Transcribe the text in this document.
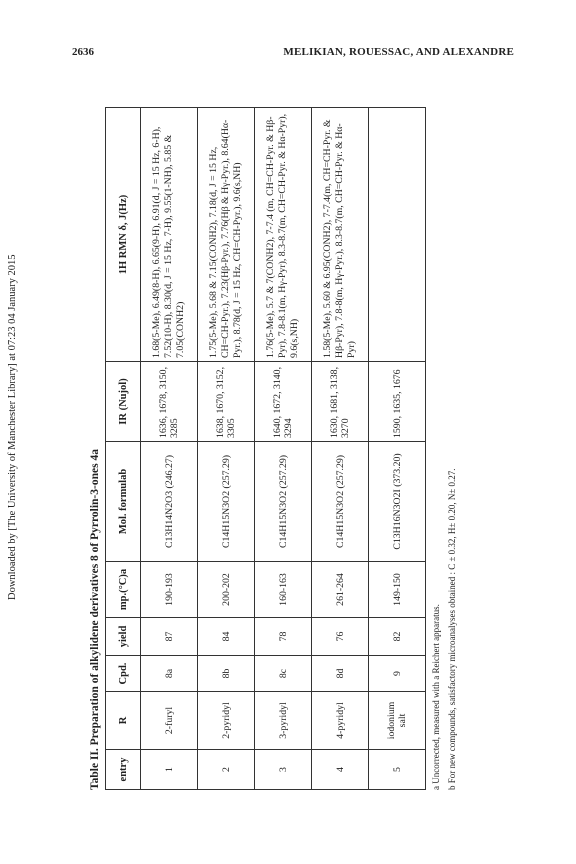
2636	MELIKIAN, ROUESSAC, AND ALEXANDRE
Downloaded by [The University of Manchester Library] at 07:23 04 January 2015
Table II. Preparation of alkylidene derivatives 8 of Pyrrolin-3-ones 4a	entry	R	Cpd.	yield	mp.(°C)a	Mol. formulab	IR (Nujol)	1H RMN δ, J(Hz)
1	2-furyl	8a	87	190-193	C13H14N2O3 (246.27)	1636, 1678, 3150, 3285	1.68(5-Me), 6.49(8-H), 6.65(9-H), 6.91(d, J = 15 Hz, 6-H), 7.52(10-H), 8.30(d, J = 15 Hz, 7-H), 9.55(1-NH), 5.85 & 7.05(CONH2)
2	2-pyridyl	8b	84	200-202	C14H15N3O2 (257.29)	1638, 1670, 3152, 3305	1.75(5-Me), 5.68 & 7.15(CONH2), 7.18(d, J = 15 Hz, CH=CH-Pyr.), 7.23(Hβ-Pyr.), 7.76(Hβ & Hγ-Pyr.), 8.64(Hα-Pyr.), 8.78(d, J = 15 Hz, CH=CH-Pyr.), 9.6(s,NH)
3	3-pyridyl	8c	78	160-163	C14H15N3O2 (257.29)	1640, 1672, 3140, 3294	1.76(5-Me), 5.7 & 7(CONH2), 7-7.4 (m, CH=CH-Pyr. & Hβ-Pyr), 7.8-8.1(m, Hγ-Pyr), 8.3-8.7(m, CH=CH-Pyr. & Hα-Pyr), 9.6(s,NH)
4	4-pyridyl	8d	76	261-264	C14H15N3O2 (257.29)	1630, 1681, 3138, 3270	1.58(5-Me), 5.60 & 6.95(CONH2), 7-7.4(m, CH=CH-Pyr. & Hβ-Pyr), 7.8-8(m, Hγ-Pyr.), 8.3-8.7(m, CH=CH-Pyr. & Hα-Pyr)
5	iodonium salt	9	82	149-150	C13H16N3O2I (373.20)	1590, 1635, 1676	
a Uncorrected, measured with a Reichert apparatus. b For new compounds, satisfactory microanalyses obtained : C ± 0.32, H± 0.20, N± 0.27.
